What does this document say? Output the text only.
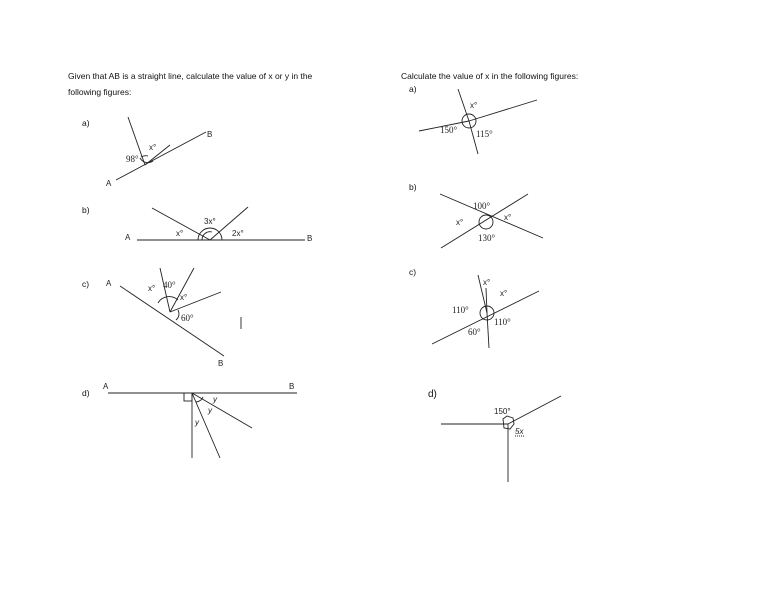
Given that AB is a straight line, calculate the value of x or y in the
following figures:
Calculate the value of x in the following figures:
a)
b)
c)
d)
a)
b)
c)
d)
A
B
98°
x°
A	B
x°
3x°
2x°
A
B
x° 40°
x°
60°
A	B
y
y
y
x°
150° 115°
100°
x°
x°
130°
x°
x°
110°
110°
60°
150°
5x
